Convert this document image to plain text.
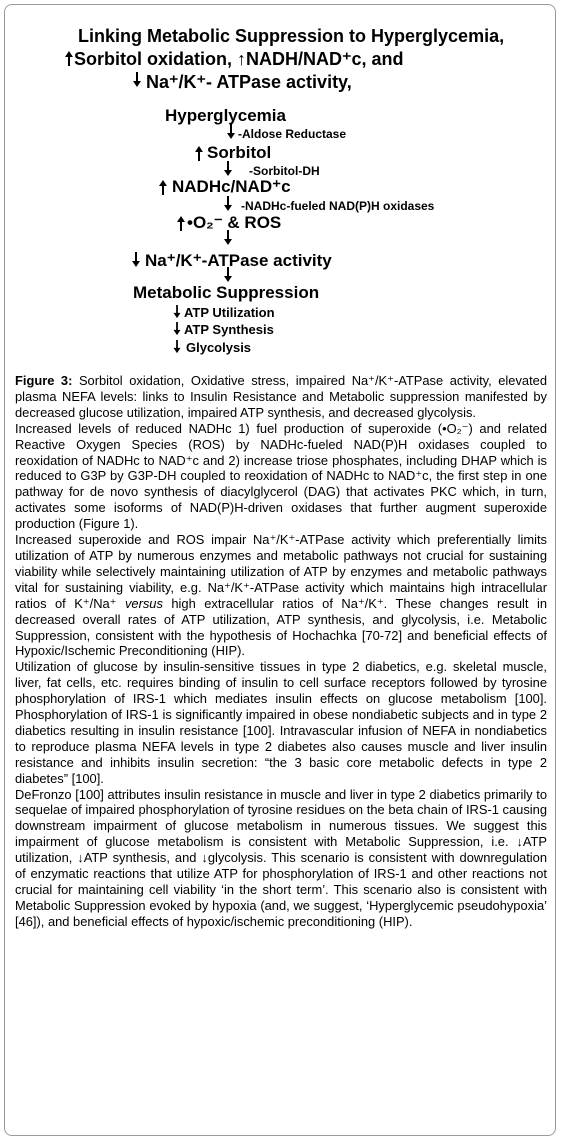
Linking Metabolic Suppression to Hyperglycemia,
Sorbitol oxidation, ↑NADH/NAD⁺c, and
Na⁺/K⁺- ATPase activity,
Hyperglycemia
-Aldose Reductase
Sorbitol
-Sorbitol-DH
NADHc/NAD⁺c
-NADHc-fueled NAD(P)H oxidases
•O₂⁻ & ROS
Na⁺/K⁺-ATPase activity
Metabolic Suppression
ATP Utilization
ATP Synthesis
Glycolysis

Figure 3: Sorbitol oxidation, Oxidative stress, impaired Na⁺/K⁺-ATPase activity, elevated plasma NEFA levels: links to Insulin Resistance and Metabolic suppression manifested by decreased glucose utilization, impaired ATP synthesis, and decreased glycolysis.

Increased levels of reduced NADHc 1) fuel production of superoxide (•O₂⁻) and related Reactive Oxygen Species (ROS) by NADHc-fueled NAD(P)H oxidases coupled to reoxidation of NADHc to NAD⁺c and 2) increase triose phosphates, including DHAP which is reduced to G3P by G3P-DH coupled to reoxidation of NADHc to NAD⁺c, the first step in one pathway for de novo synthesis of diacylglycerol (DAG) that activates PKC which, in turn, activates some isoforms of NAD(P)H-driven oxidases that further augment superoxide production (Figure 1).

Increased superoxide and ROS impair Na⁺/K⁺-ATPase activity which preferentially limits utilization of ATP by numerous enzymes and metabolic pathways not crucial for sustaining viability while selectively maintaining utilization of ATP by enzymes and metabolic pathways vital for sustaining viability, e.g. Na⁺/K⁺-ATPase activity which maintains high intracellular ratios of K⁺/Na⁺ versus high extracellular ratios of Na⁺/K⁺. These changes result in decreased overall rates of ATP utilization, ATP synthesis, and glycolysis, i.e. Metabolic Suppression, consistent with the hypothesis of Hochachka [70-72] and beneficial effects of Hypoxic/Ischemic Preconditioning (HIP).

Utilization of glucose by insulin-sensitive tissues in type 2 diabetics, e.g. skeletal muscle, liver, fat cells, etc. requires binding of insulin to cell surface receptors followed by tyrosine phosphorylation of IRS-1 which mediates insulin effects on glucose metabolism [100]. Phosphorylation of IRS-1 is significantly impaired in obese nondiabetic subjects and in type 2 diabetics resulting in insulin resistance [100]. Intravascular infusion of NEFA in nondiabetics to reproduce plasma NEFA levels in type 2 diabetes also causes muscle and liver insulin resistance and inhibits insulin secretion: “the 3 basic core metabolic defects in type 2 diabetes” [100].

DeFronzo [100] attributes insulin resistance in muscle and liver in type 2 diabetics primarily to sequelae of impaired phosphorylation of tyrosine residues on the beta chain of IRS-1 causing downstream impairment of glucose metabolism in numerous tissues. We suggest this impairment of glucose metabolism is consistent with Metabolic Suppression, i.e. ↓ATP utilization, ↓ATP synthesis, and ↓glycolysis. This scenario is consistent with downregulation of enzymatic reactions that utilize ATP for phosphorylation of IRS-1 and other reactions not crucial for maintaining cell viability ‘in the short term’. This scenario also is consistent with Metabolic Suppression evoked by hypoxia (and, we suggest, ‘Hyperglycemic pseudohypoxia’ [46]), and beneficial effects of hypoxic/ischemic preconditioning (HIP).
